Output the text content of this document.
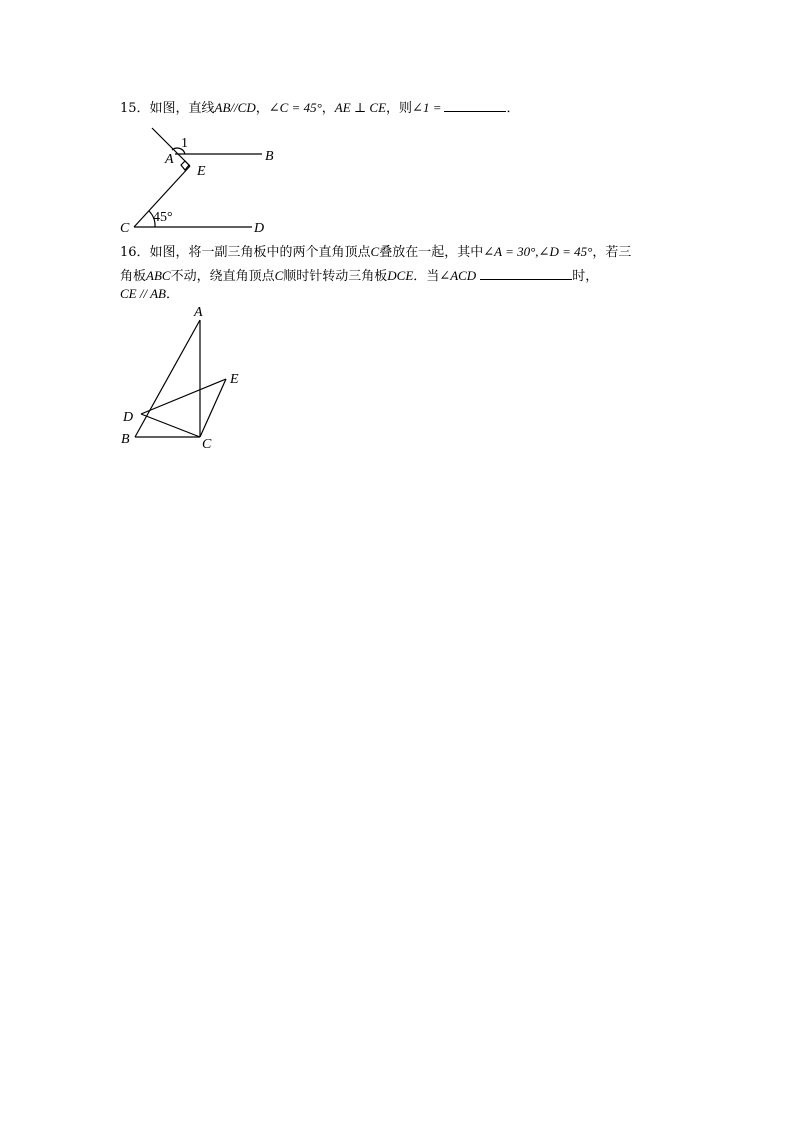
15．如图，直线AB//CD，∠C = 45°，AE ⊥ CE，则∠1 =	．
16．如图，将一副三角板中的两个直角顶点C叠放在一起，其中∠A = 30°,∠D = 45°，若三
角板ABC不动，绕直角顶点C顺时针转动三角板DCE．当∠ACD	时，
CE // AB．
1
A	B
E
C	D
45°
A
E
D
B	C
